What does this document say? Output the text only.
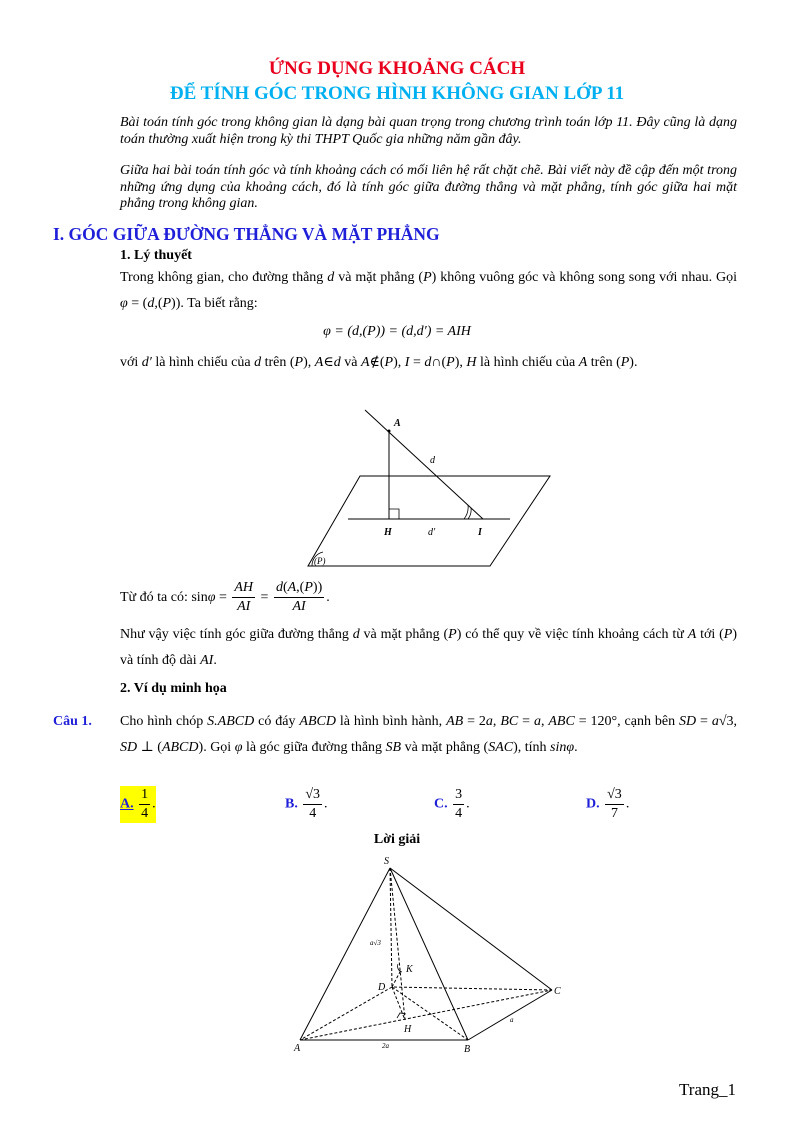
ỨNG DỤNG KHOẢNG CÁCH
ĐỂ TÍNH GÓC TRONG HÌNH KHÔNG GIAN LỚP 11
Bài toán tính góc trong không gian là dạng bài quan trọng trong chương trình toán lớp 11. Đây cũng là dạng toán thường xuất hiện trong kỳ thi THPT Quốc gia những năm gần đây.
Giữa hai bài toán tính góc và tính khoảng cách có mối liên hệ rất chặt chẽ. Bài viết này đề cập đến một trong những ứng dụng của khoảng cách, đó là tính góc giữa đường thẳng và mặt phẳng, tính góc giữa hai mặt phẳng trong không gian.
I. GÓC GIỮA ĐƯỜNG THẲNG VÀ MẶT PHẲNG
1. Lý thuyết
Trong không gian, cho đường thẳng d và mặt phẳng (P) không vuông góc và không song song với nhau. Gọi φ = (d,(P)). Ta biết rằng:
φ = (d,(P)) = (d,d′) = AIH
với d′ là hình chiếu của d trên (P), A∈d và A∉(P), I = d∩(P), H là hình chiếu của A trên (P).
A
d
H	d′	I
(P)
Từ đó ta có: $\sin\varphi = \frac{AH}{AI} = \frac{d(A,(P))}{AI}$ .
Như vậy việc tính góc giữa đường thẳng d và mặt phẳng (P) có thể quy về việc tính khoảng cách từ A tới (P) và tính độ dài AI.
2. Ví dụ minh họa
Câu 1. Cho hình chóp S.ABCD có đáy ABCD là hình bình hành, AB = 2a, BC = a, ABC = 120°, cạnh bên SD = a√3, SD ⊥ (ABCD). Gọi φ là góc giữa đường thẳng SB và mặt phẳng (SAC), tính sinφ.
A. $\frac{1}{4}$ .	B. $\frac{√3}{4}$ .	C. $\frac{3}{4}$ .	D. $\frac{√3}{7}$ .
Lời giải
S
K
D	C
H
A	B
a√3
2a
a
Trang_1
